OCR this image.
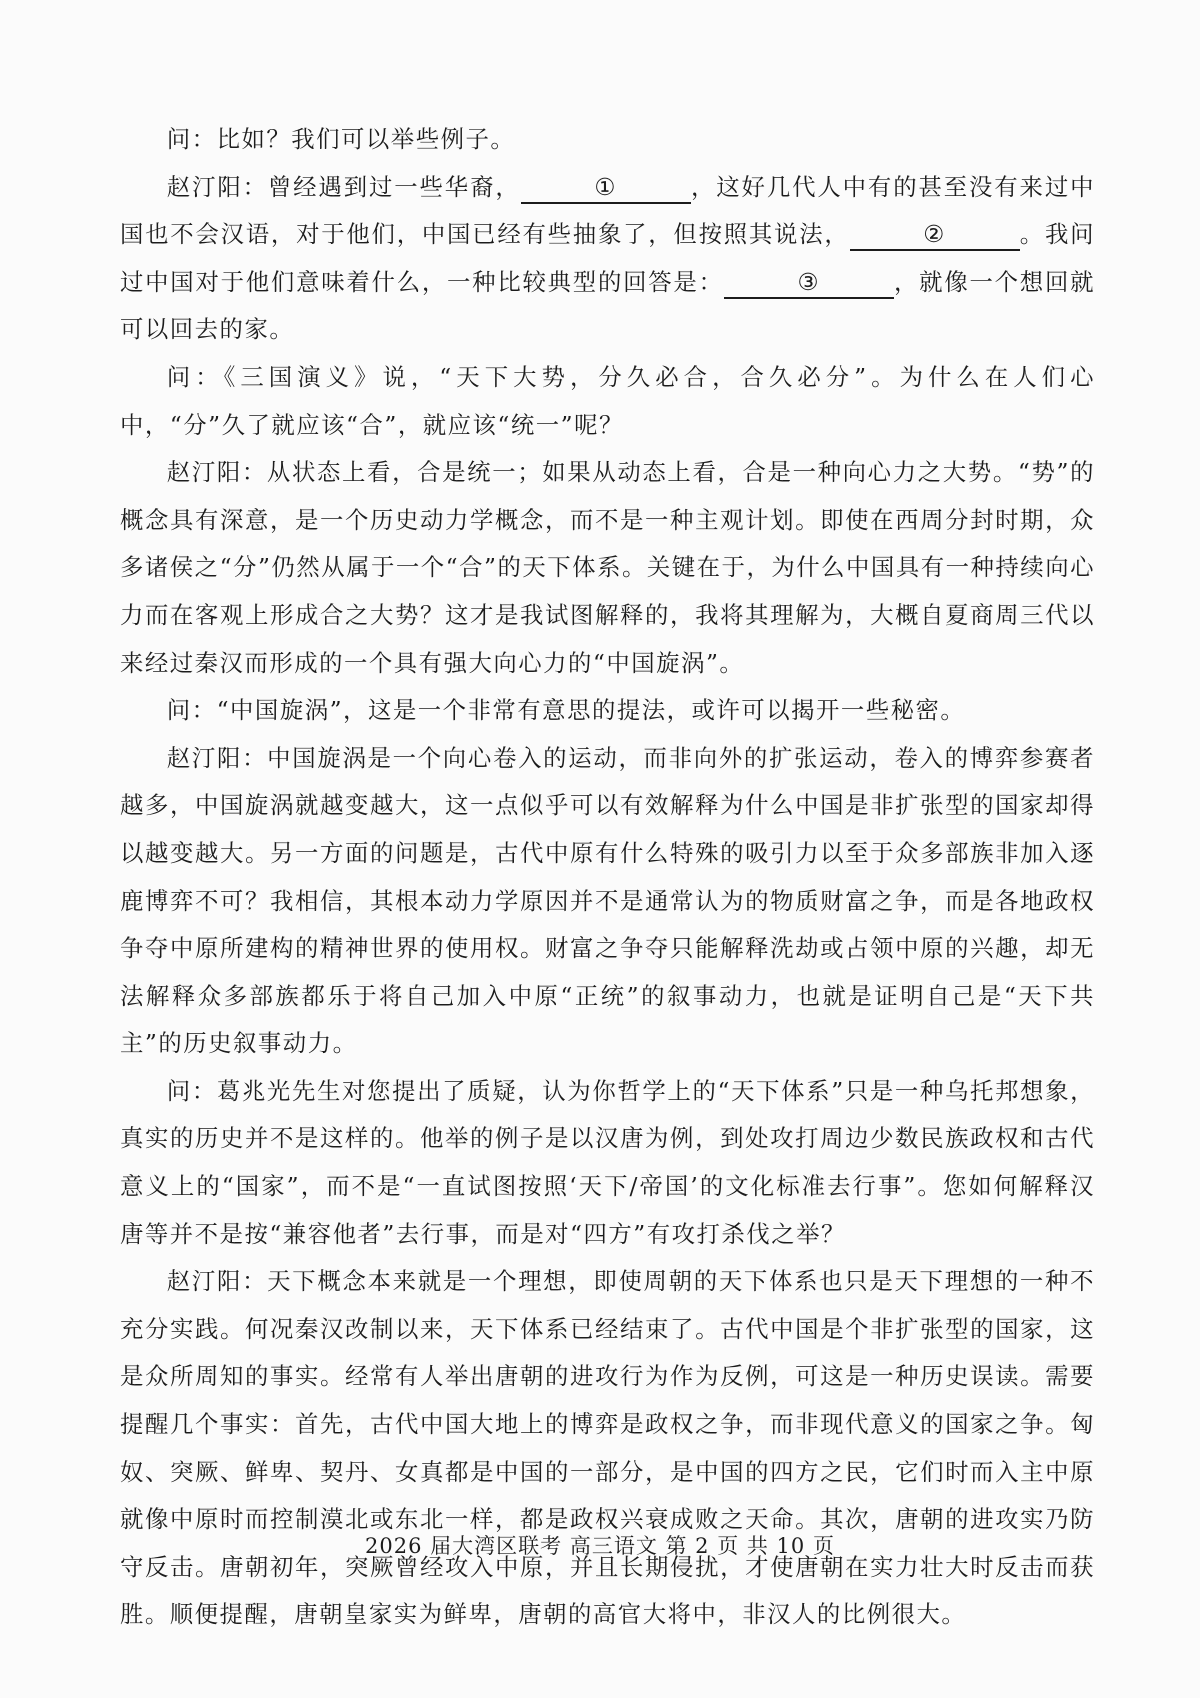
问：比如？我们可以举些例子。

赵汀阳：曾经遇到过一些华裔，	①	，这好几代人中有的甚至没有来过中国也不会汉语，对于他们，中国已经有些抽象了，但按照其说法，	②	。我问过中国对于他们意味着什么，一种比较典型的回答是：	③	，就像一个想回就可以回去的家。

问：《三国演义》说，“天下大势，分久必合，合久必分”。为什么在人们心中，“分”久了就应该“合”，就应该“统一”呢？

赵汀阳：从状态上看，合是统一；如果从动态上看，合是一种向心力之大势。“势”的概念具有深意，是一个历史动力学概念，而不是一种主观计划。即使在西周分封时期，众多诸侯之“分”仍然从属于一个“合”的天下体系。关键在于，为什么中国具有一种持续向心力而在客观上形成合之大势？这才是我试图解释的，我将其理解为，大概自夏商周三代以来经过秦汉而形成的一个具有强大向心力的“中国旋涡”。

问：“中国旋涡”，这是一个非常有意思的提法，或许可以揭开一些秘密。

赵汀阳：中国旋涡是一个向心卷入的运动，而非向外的扩张运动，卷入的博弈参赛者越多，中国旋涡就越变越大，这一点似乎可以有效解释为什么中国是非扩张型的国家却得以越变越大。另一方面的问题是，古代中原有什么特殊的吸引力以至于众多部族非加入逐鹿博弈不可？我相信，其根本动力学原因并不是通常认为的物质财富之争，而是各地政权争夺中原所建构的精神世界的使用权。财富之争夺只能解释洗劫或占领中原的兴趣，却无法解释众多部族都乐于将自己加入中原“正统”的叙事动力，也就是证明自己是“天下共主”的历史叙事动力。

问：葛兆光先生对您提出了质疑，认为你哲学上的“天下体系”只是一种乌托邦想象，真实的历史并不是这样的。他举的例子是以汉唐为例，到处攻打周边少数民族政权和古代意义上的“国家”，而不是“一直试图按照‘天下/帝国’的文化标准去行事”。您如何解释汉唐等并不是按“兼容他者”去行事，而是对“四方”有攻打杀伐之举？

赵汀阳：天下概念本来就是一个理想，即使周朝的天下体系也只是天下理想的一种不充分实践。何况秦汉改制以来，天下体系已经结束了。古代中国是个非扩张型的国家，这是众所周知的事实。经常有人举出唐朝的进攻行为作为反例，可这是一种历史误读。需要提醒几个事实：首先，古代中国大地上的博弈是政权之争，而非现代意义的国家之争。匈奴、突厥、鲜卑、契丹、女真都是中国的一部分，是中国的四方之民，它们时而入主中原就像中原时而控制漠北或东北一样，都是政权兴衰成败之天命。其次，唐朝的进攻实乃防守反击。唐朝初年，突厥曾经攻入中原，并且长期侵扰，才使唐朝在实力壮大时反击而获胜。顺便提醒，唐朝皇家实为鲜卑，唐朝的高官大将中，非汉人的比例很大。

2026 届大湾区联考 高三语文 第 2 页 共 10 页
